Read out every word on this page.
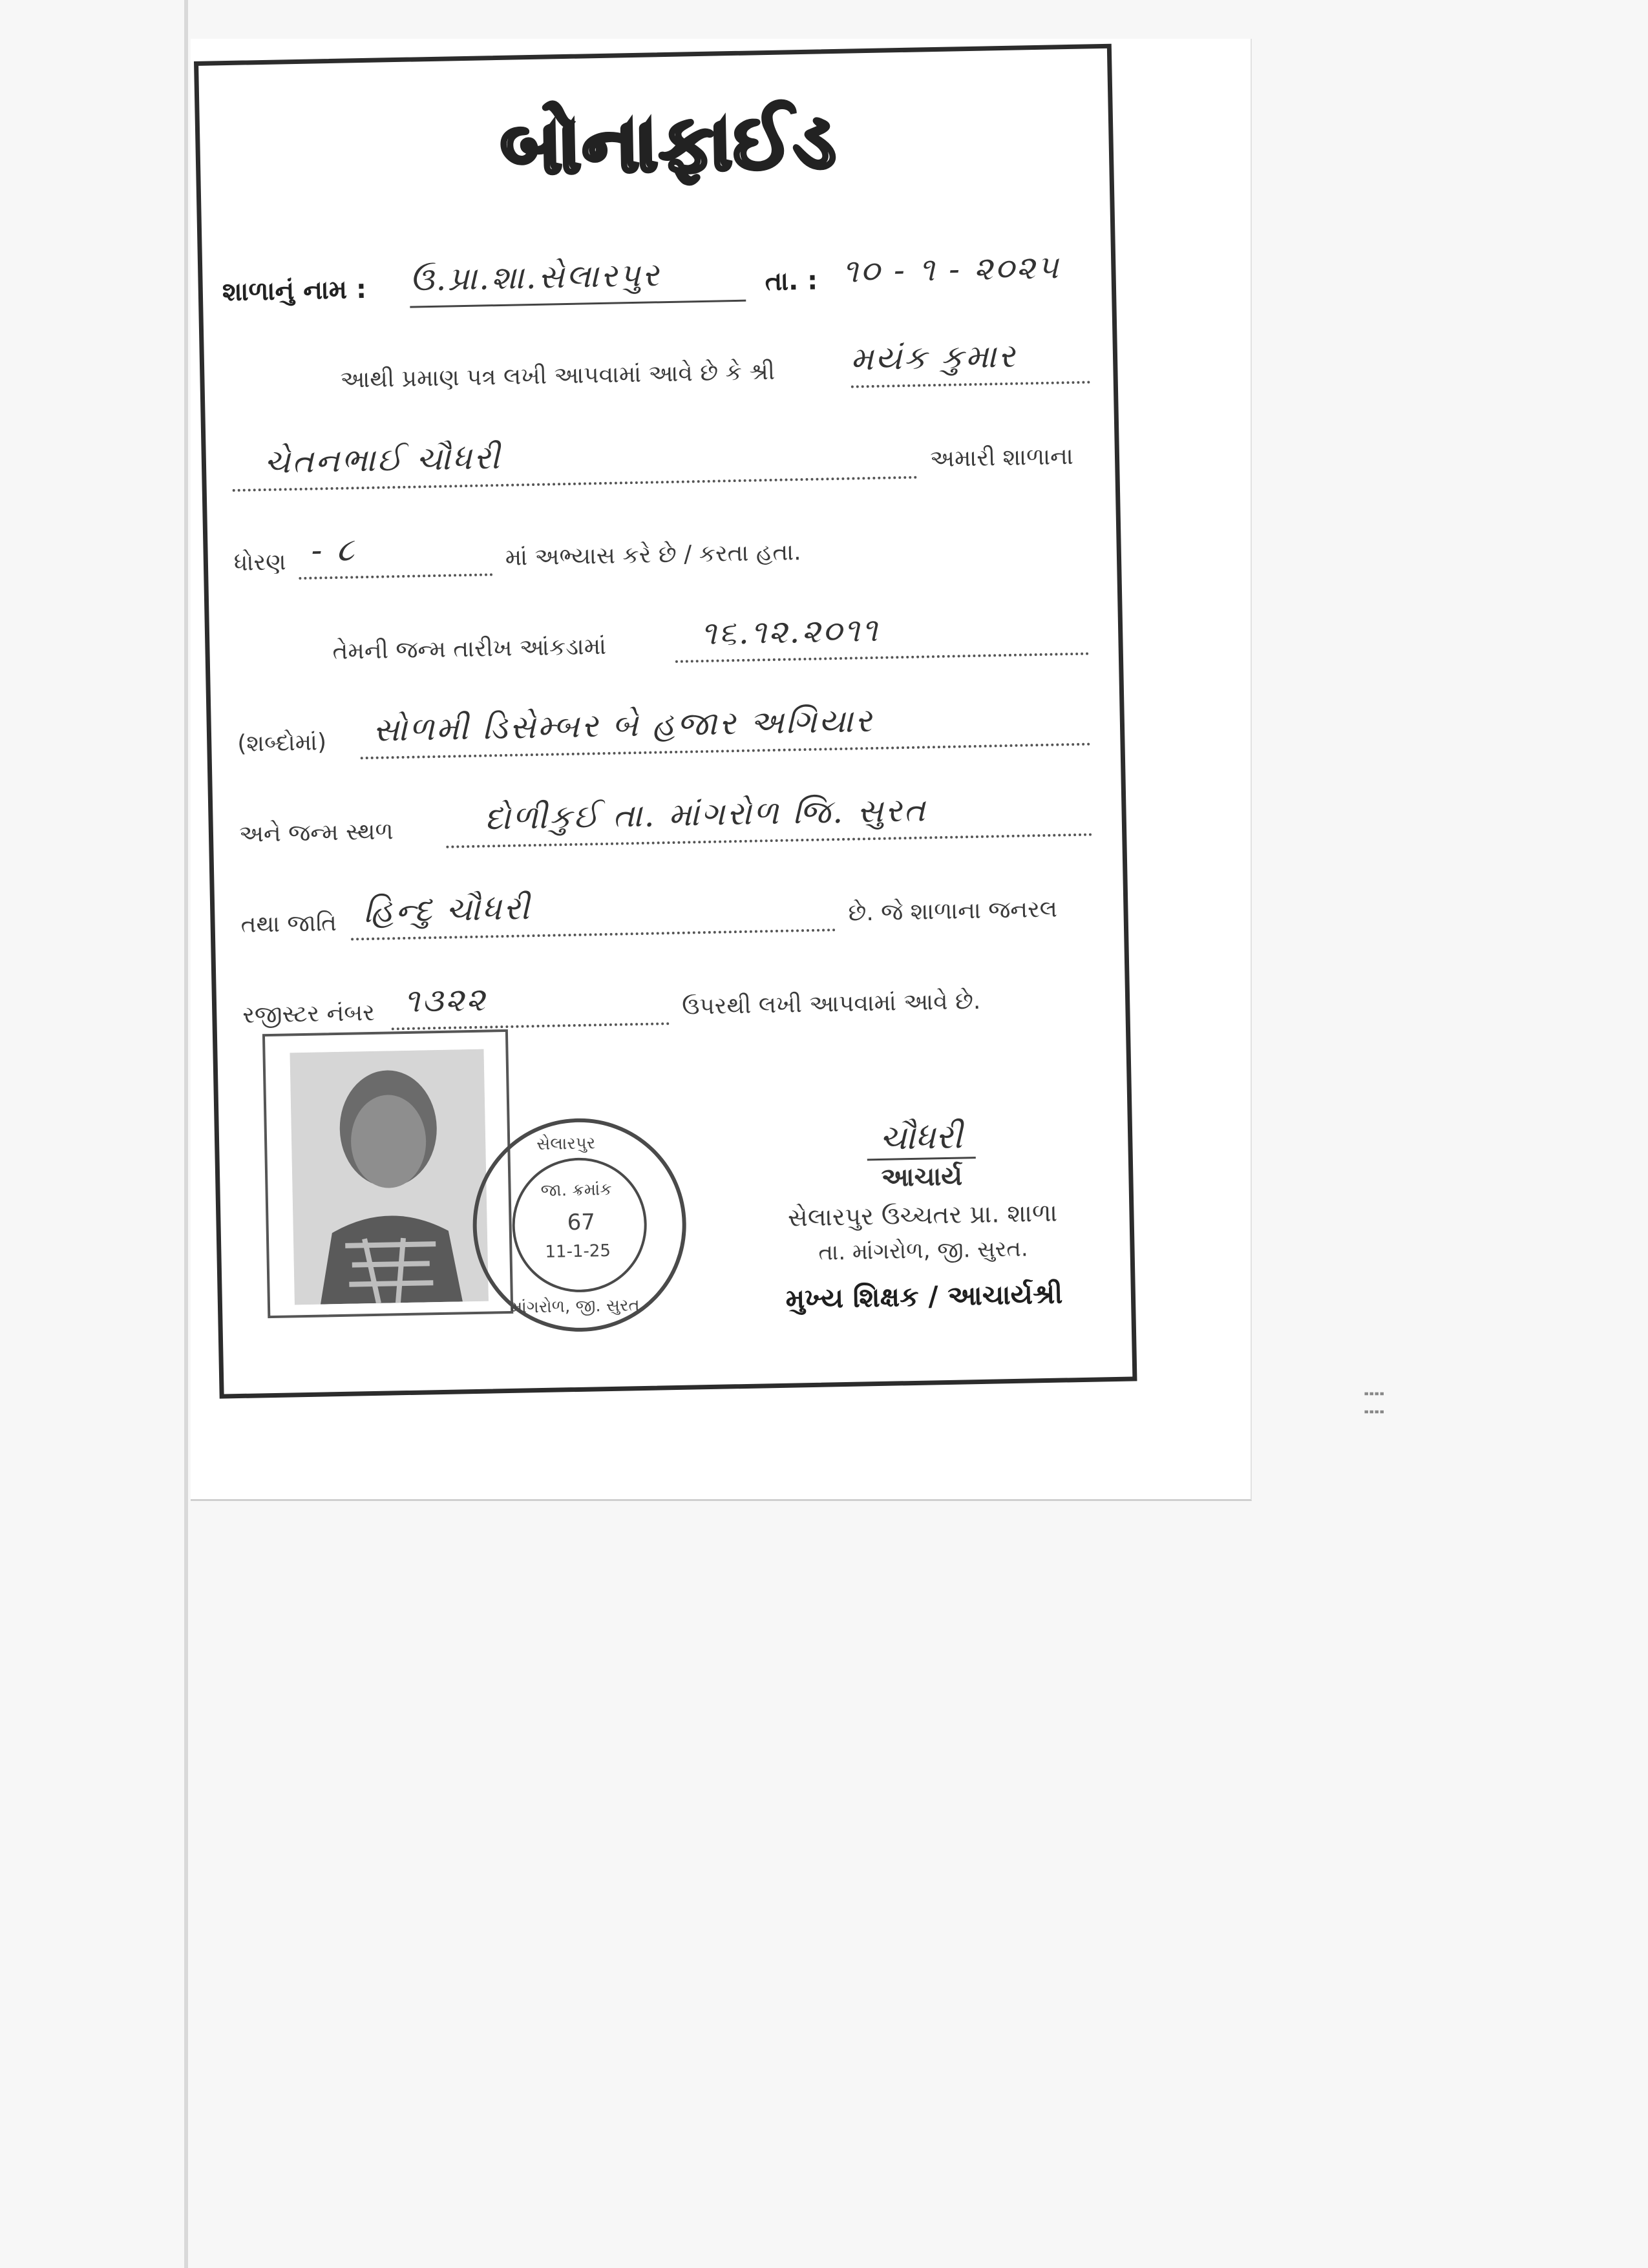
બોનાફાઈડ
શાળાનું નામ : ઉ.પ્રા.શા.સેલારપુર	તા. : ૧૦ - ૧ - ૨૦૨૫
આથી પ્રમાણ પત્ર લખી આપવામાં આવે છે કે શ્રી મયંક કુમાર
ચેતનભાઈ ચૌધરી	અમારી શાળાના
ધોરણ - ૮	માં અભ્યાસ કરે છે / કરતા હતા.
તેમની જન્મ તારીખ આંકડામાં	૧૬.૧૨.૨૦૧૧
(શબ્દોમાં) સોળમી ડિસેમ્બર બે હજાર અગિયાર
અને જન્મ સ્થળ	દોળીકુઈ તા. માંગરોળ જિ. સુરત
તથા જાતિ હિન્દુ ચૌધરી	છે. જે શાળાના જનરલ
રજીસ્ટર નંબર ૧૩૨૨	ઉપરથી લખી આપવામાં આવે છે.
સેલારપુર
જા. ક્રમાંક
67
11-1-25
માંગરોળ, જી. સુરત
ચૌધરી
આચાર્ય
સેલારપુર ઉચ્ચતર પ્રા. શાળા
તા. માંગરોળ, જી. સુરત.
મુખ્ય શિક્ષક / આચાર્યશ્રી
⁞ ⁞
